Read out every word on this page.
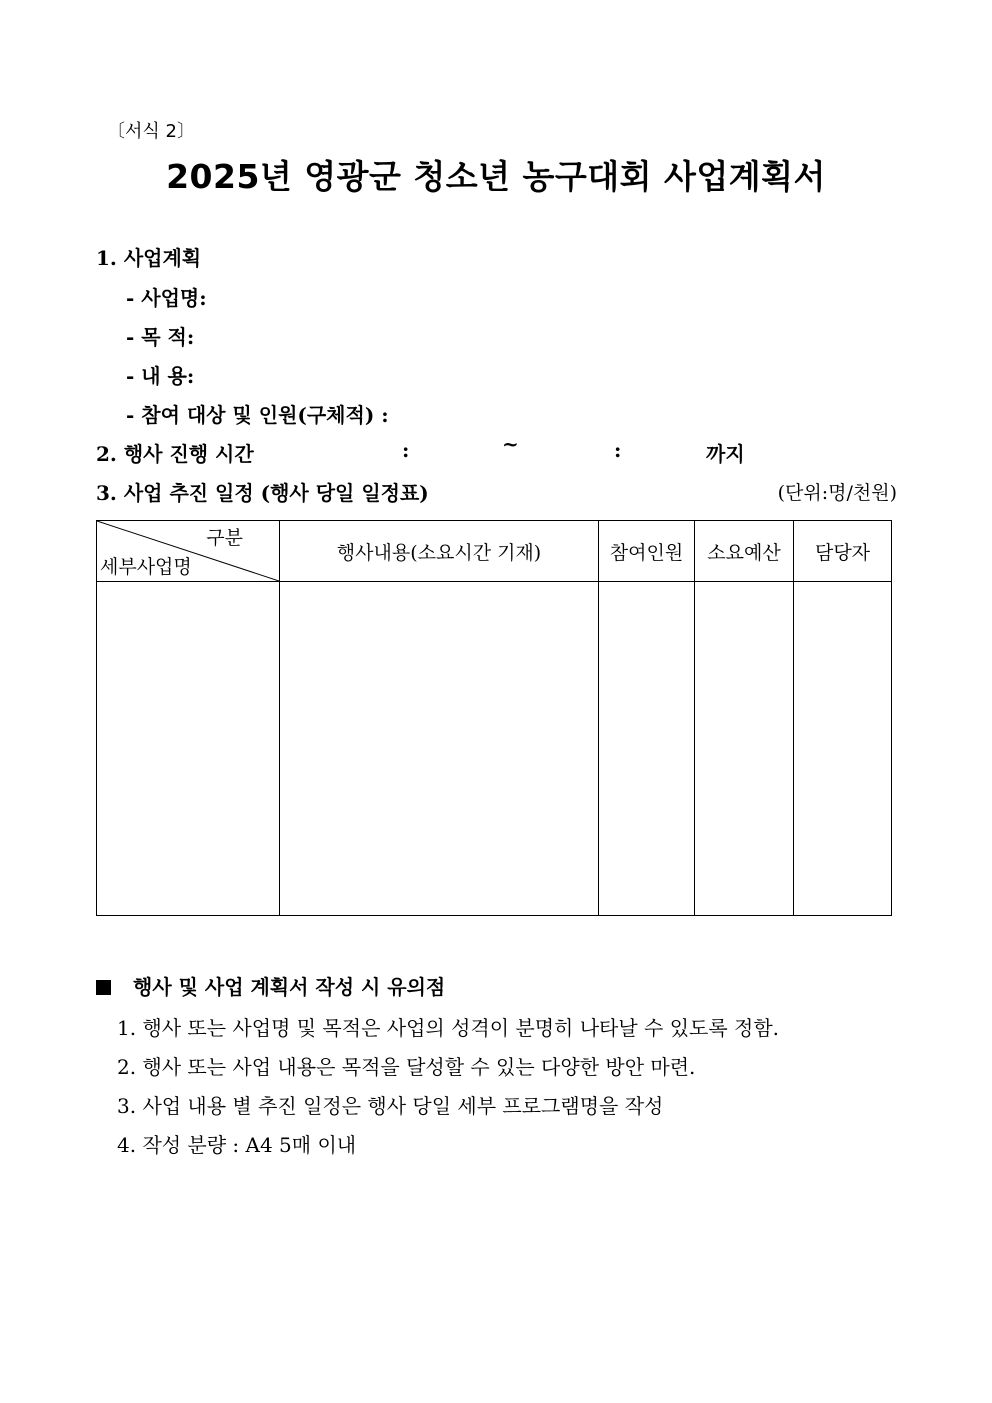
〔서식 2〕
2025년 영광군 청소년 농구대회 사업계획서
1. 사업계획
- 사업명:
- 목 적:
- 내 용:
- 참여 대상 및 인원(구체적) :
2. 행사 진행 시간	:	~	:	까지
3. 사업 추진 일정 (행사 당일 일정표)	(단위:명/천원)
구분
세부사업명	행사내용(소요시간 기재)	참여인원	소요예산	담당자

행사 및 사업 계획서 작성 시 유의점
1. 행사 또는 사업명 및 목적은 사업의 성격이 분명히 나타날 수 있도록 정함.
2. 행사 또는 사업 내용은 목적을 달성할 수 있는 다양한 방안 마련.
3. 사업 내용 별 추진 일정은 행사 당일 세부 프로그램명을 작성
4. 작성 분량 : A4 5매 이내
